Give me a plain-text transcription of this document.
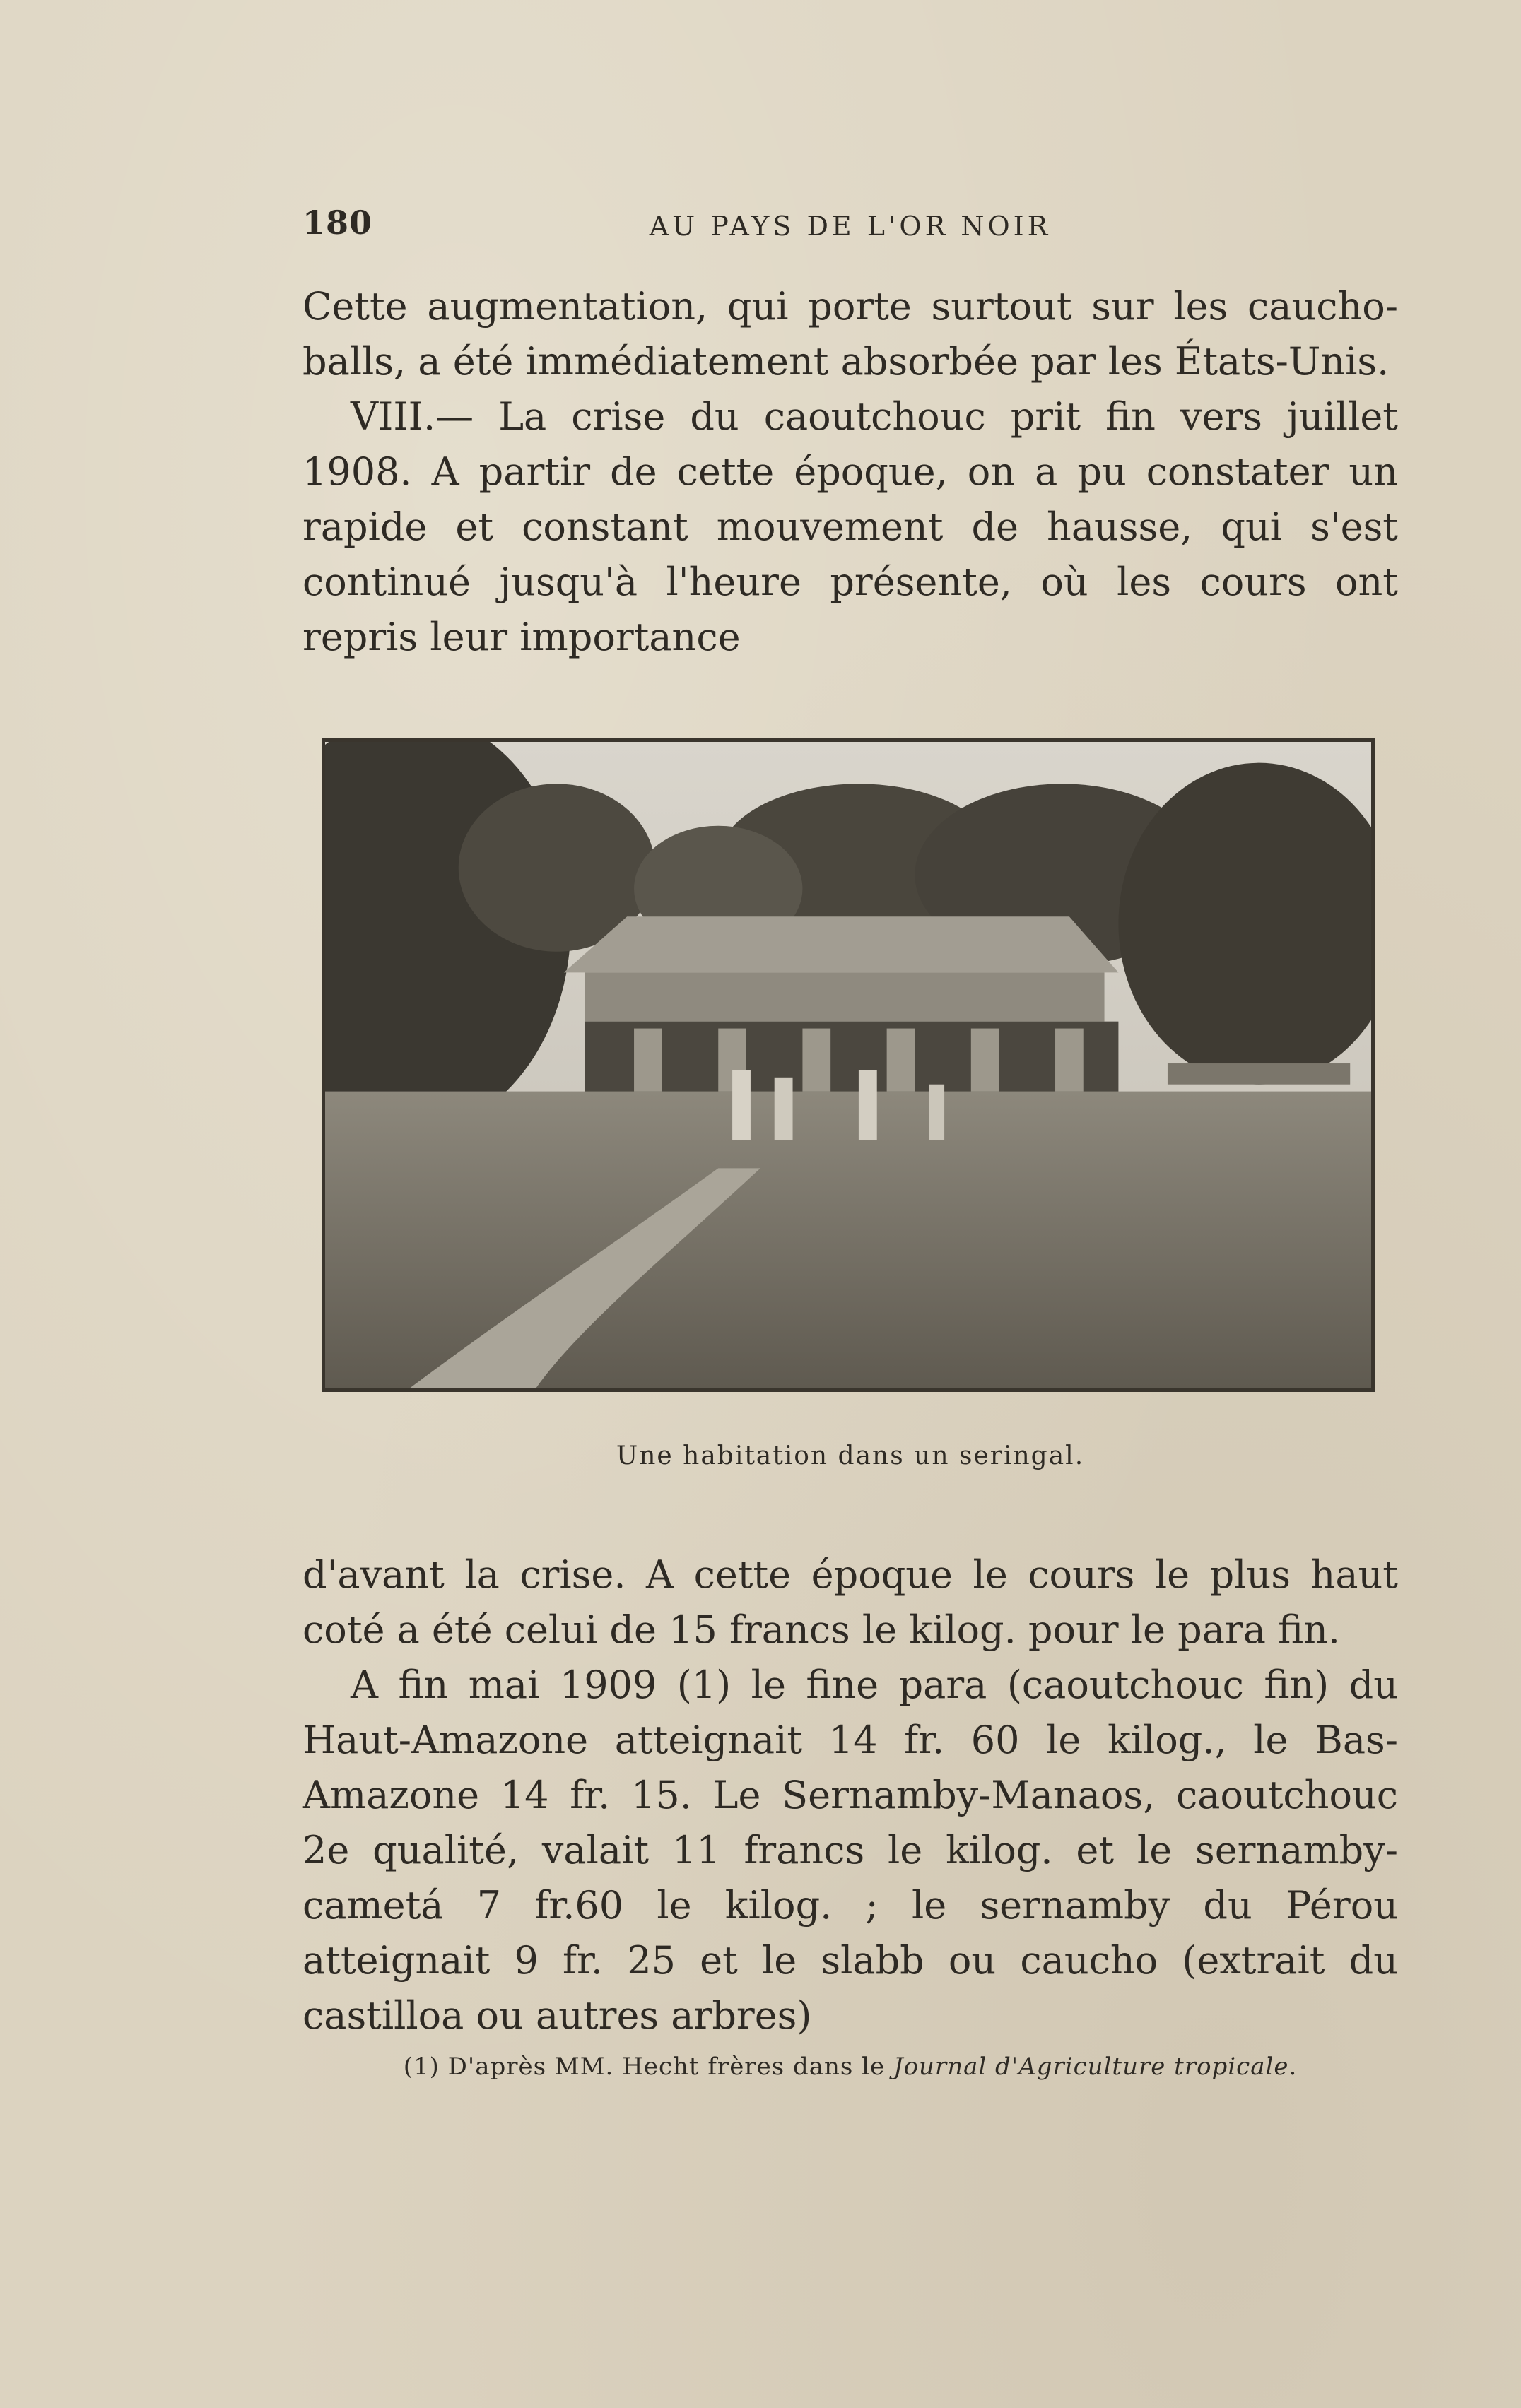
180	AU PAYS DE L'OR NOIR

Cette augmentation, qui porte surtout sur les caucho-balls, a été immédiatement absorbée par les États-Unis.

VIII.— La crise du caoutchouc prit fin vers juillet 1908. A partir de cette époque, on a pu constater un rapide et constant mouvement de hausse, qui s'est continué jusqu'à l'heure présente, où les cours ont repris leur importance

Une habitation dans un seringal.

d'avant la crise. A cette époque le cours le plus haut coté a été celui de 15 francs le kilog. pour le para fin.

A fin mai 1909 (1) le fine para (caoutchouc fin) du Haut-Amazone atteignait 14 fr. 60 le kilog., le Bas-Amazone 14 fr. 15. Le Sernamby-Manaos, caoutchouc 2e qualité, valait 11 francs le kilog. et le sernamby-cametá 7 fr.60 le kilog. ; le sernamby du Pérou atteignait 9 fr. 25 et le slabb ou caucho (extrait du castilloa ou autres arbres)

(1) D'après MM. Hecht frères dans le Journal d'Agriculture tropicale.
